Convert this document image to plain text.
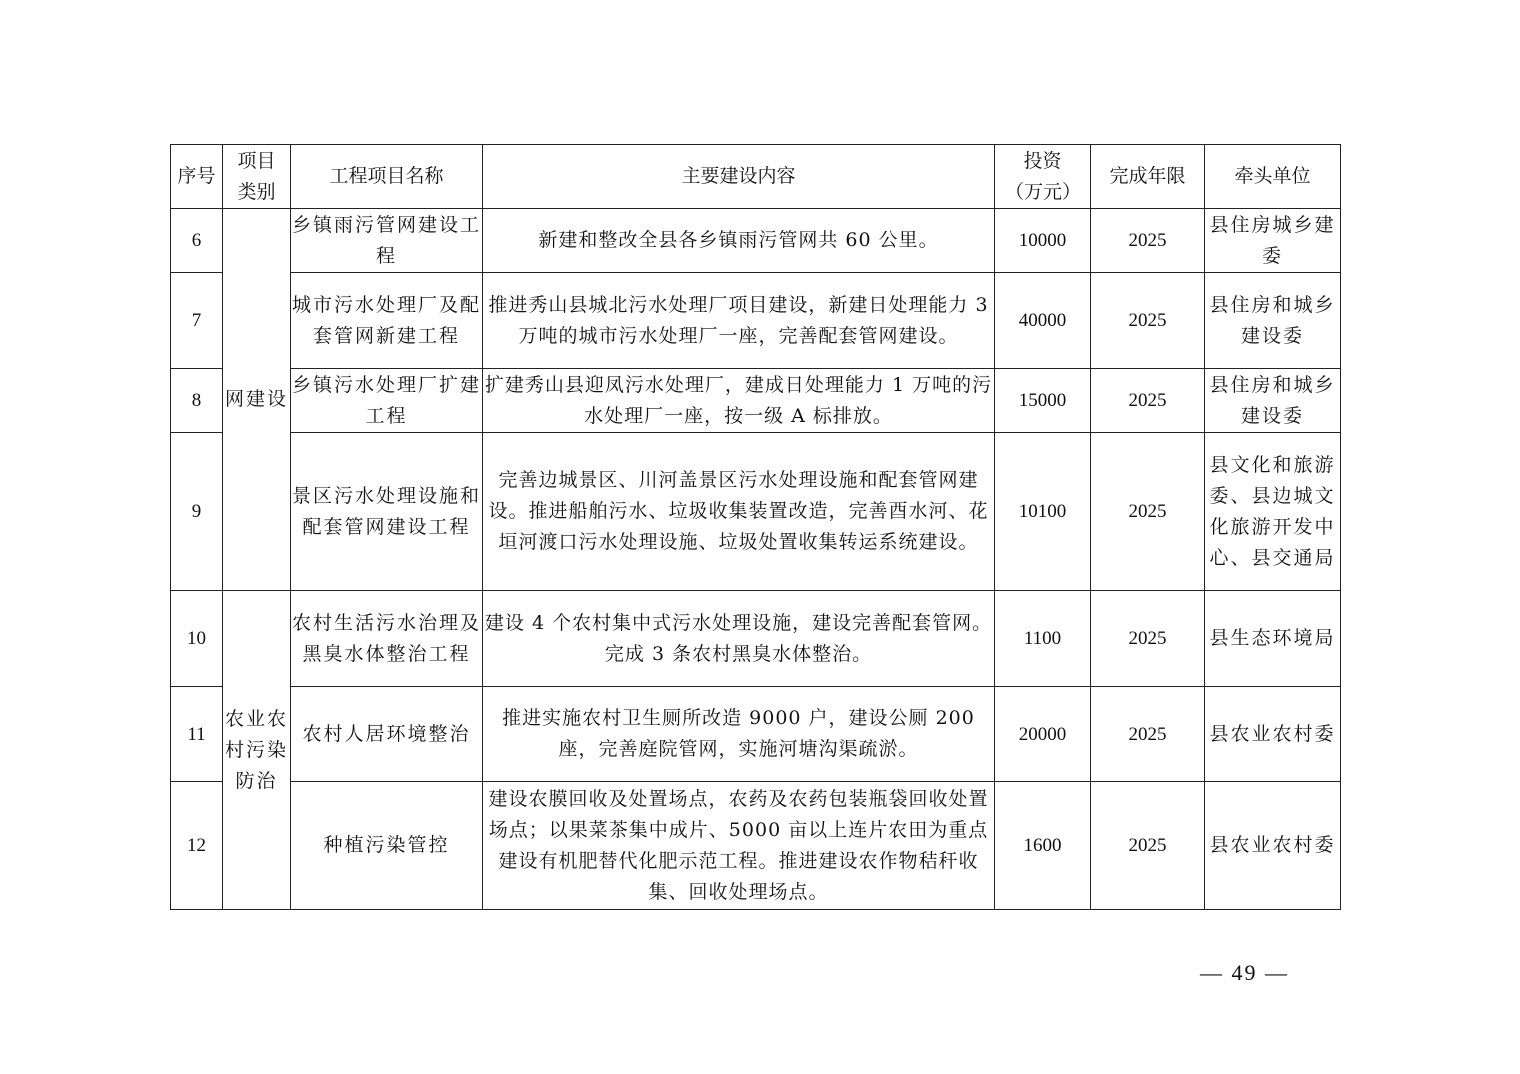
序号	项目类别	工程项目名称	主要建设内容	投资（万元）	完成年限	牵头单位
6	网建设	乡镇雨污管网建设工程	新建和整改全县各乡镇雨污管网共 60 公里。	10000	2025	县住房城乡建委
7		城市污水处理厂及配套管网新建工程	推进秀山县城北污水处理厂项目建设，新建日处理能力 3 万吨的城市污水处理厂一座，完善配套管网建设。	40000	2025	县住房和城乡建设委
8		乡镇污水处理厂扩建工程	扩建秀山县迎凤污水处理厂，建成日处理能力 1 万吨的污水处理厂一座，按一级 A 标排放。	15000	2025	县住房和城乡建设委
9		景区污水处理设施和配套管网建设工程	完善边城景区、川河盖景区污水处理设施和配套管网建设。推进船舶污水、垃圾收集装置改造，完善酉水河、花垣河渡口污水处理设施、垃圾处置收集转运系统建设。	10100	2025	县文化和旅游委、县边城文化旅游开发中心、县交通局
10	农业农村污染防治	农村生活污水治理及黑臭水体整治工程	建设 4 个农村集中式污水处理设施，建设完善配套管网。完成 3 条农村黑臭水体整治。	1100	2025	县生态环境局
11		农村人居环境整治	推进实施农村卫生厕所改造 9000 户，建设公厕 200 座，完善庭院管网，实施河塘沟渠疏淤。	20000	2025	县农业农村委
12		种植污染管控	建设农膜回收及处置场点，农药及农药包装瓶袋回收处置场点；以果菜茶集中成片、5000 亩以上连片农田为重点建设有机肥替代化肥示范工程。推进建设农作物秸秆收集、回收处理场点。	1600	2025	县农业农村委
— 49 —
